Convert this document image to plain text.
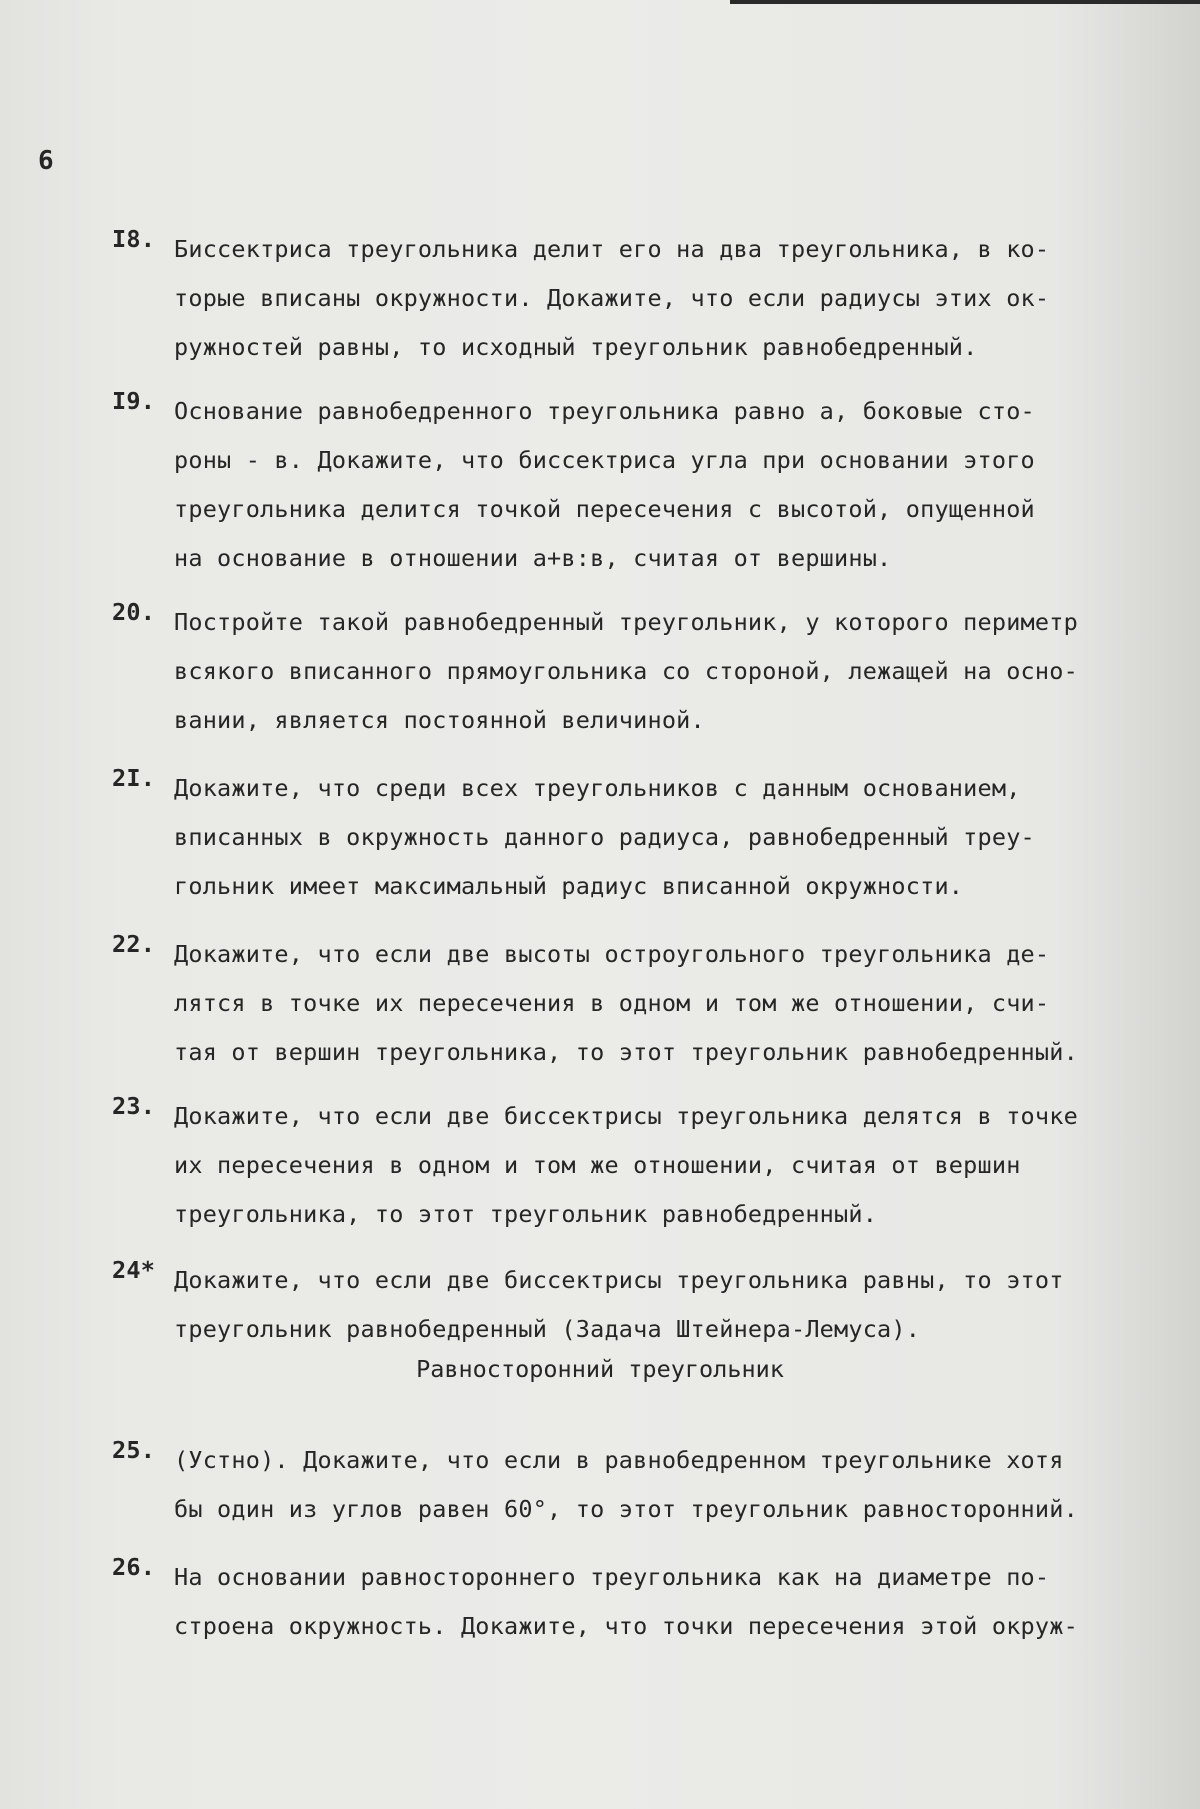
6
I8. Биссектриса треугольника делит его на два треугольника, в ко-
торые вписаны окружности. Докажите, что если радиусы этих ок-
ружностей равны, то исходный треугольник равнобедренный.
I9. Основание равнобедренного треугольника равно а, боковые сто-
роны - в. Докажите, что биссектриса угла при основании этого
треугольника делится точкой пересечения с высотой, опущенной
на основание в отношении а+в:в, считая от вершины.
20. Постройте такой равнобедренный треугольник, у которого периметр
всякого вписанного прямоугольника со стороной, лежащей на осно-
вании, является постоянной величиной.
2I. Докажите, что среди всех треугольников с данным основанием,
вписанных в окружность данного радиуса, равнобедренный треу-
гольник имеет максимальный радиус вписанной окружности.
22. Докажите, что если две высоты остроугольного треугольника де-
лятся в точке их пересечения в одном и том же отношении, счи-
тая от вершин треугольника, то этот треугольник равнобедренный.
23. Докажите, что если две биссектрисы треугольника делятся в точке
их пересечения в одном и том же отношении, считая от вершин
треугольника, то этот треугольник равнобедренный.
24* Докажите, что если две биссектрисы треугольника равны, то этот
треугольник равнобедренный (Задача Штейнера-Лемуса).
Равносторонний треугольник
25. (Устно). Докажите, что если в равнобедренном треугольнике хотя
бы один из углов равен 60°, то этот треугольник равносторонний.
26. На основании равностороннего треугольника как на диаметре по-
строена окружность. Докажите, что точки пересечения этой окруж-
